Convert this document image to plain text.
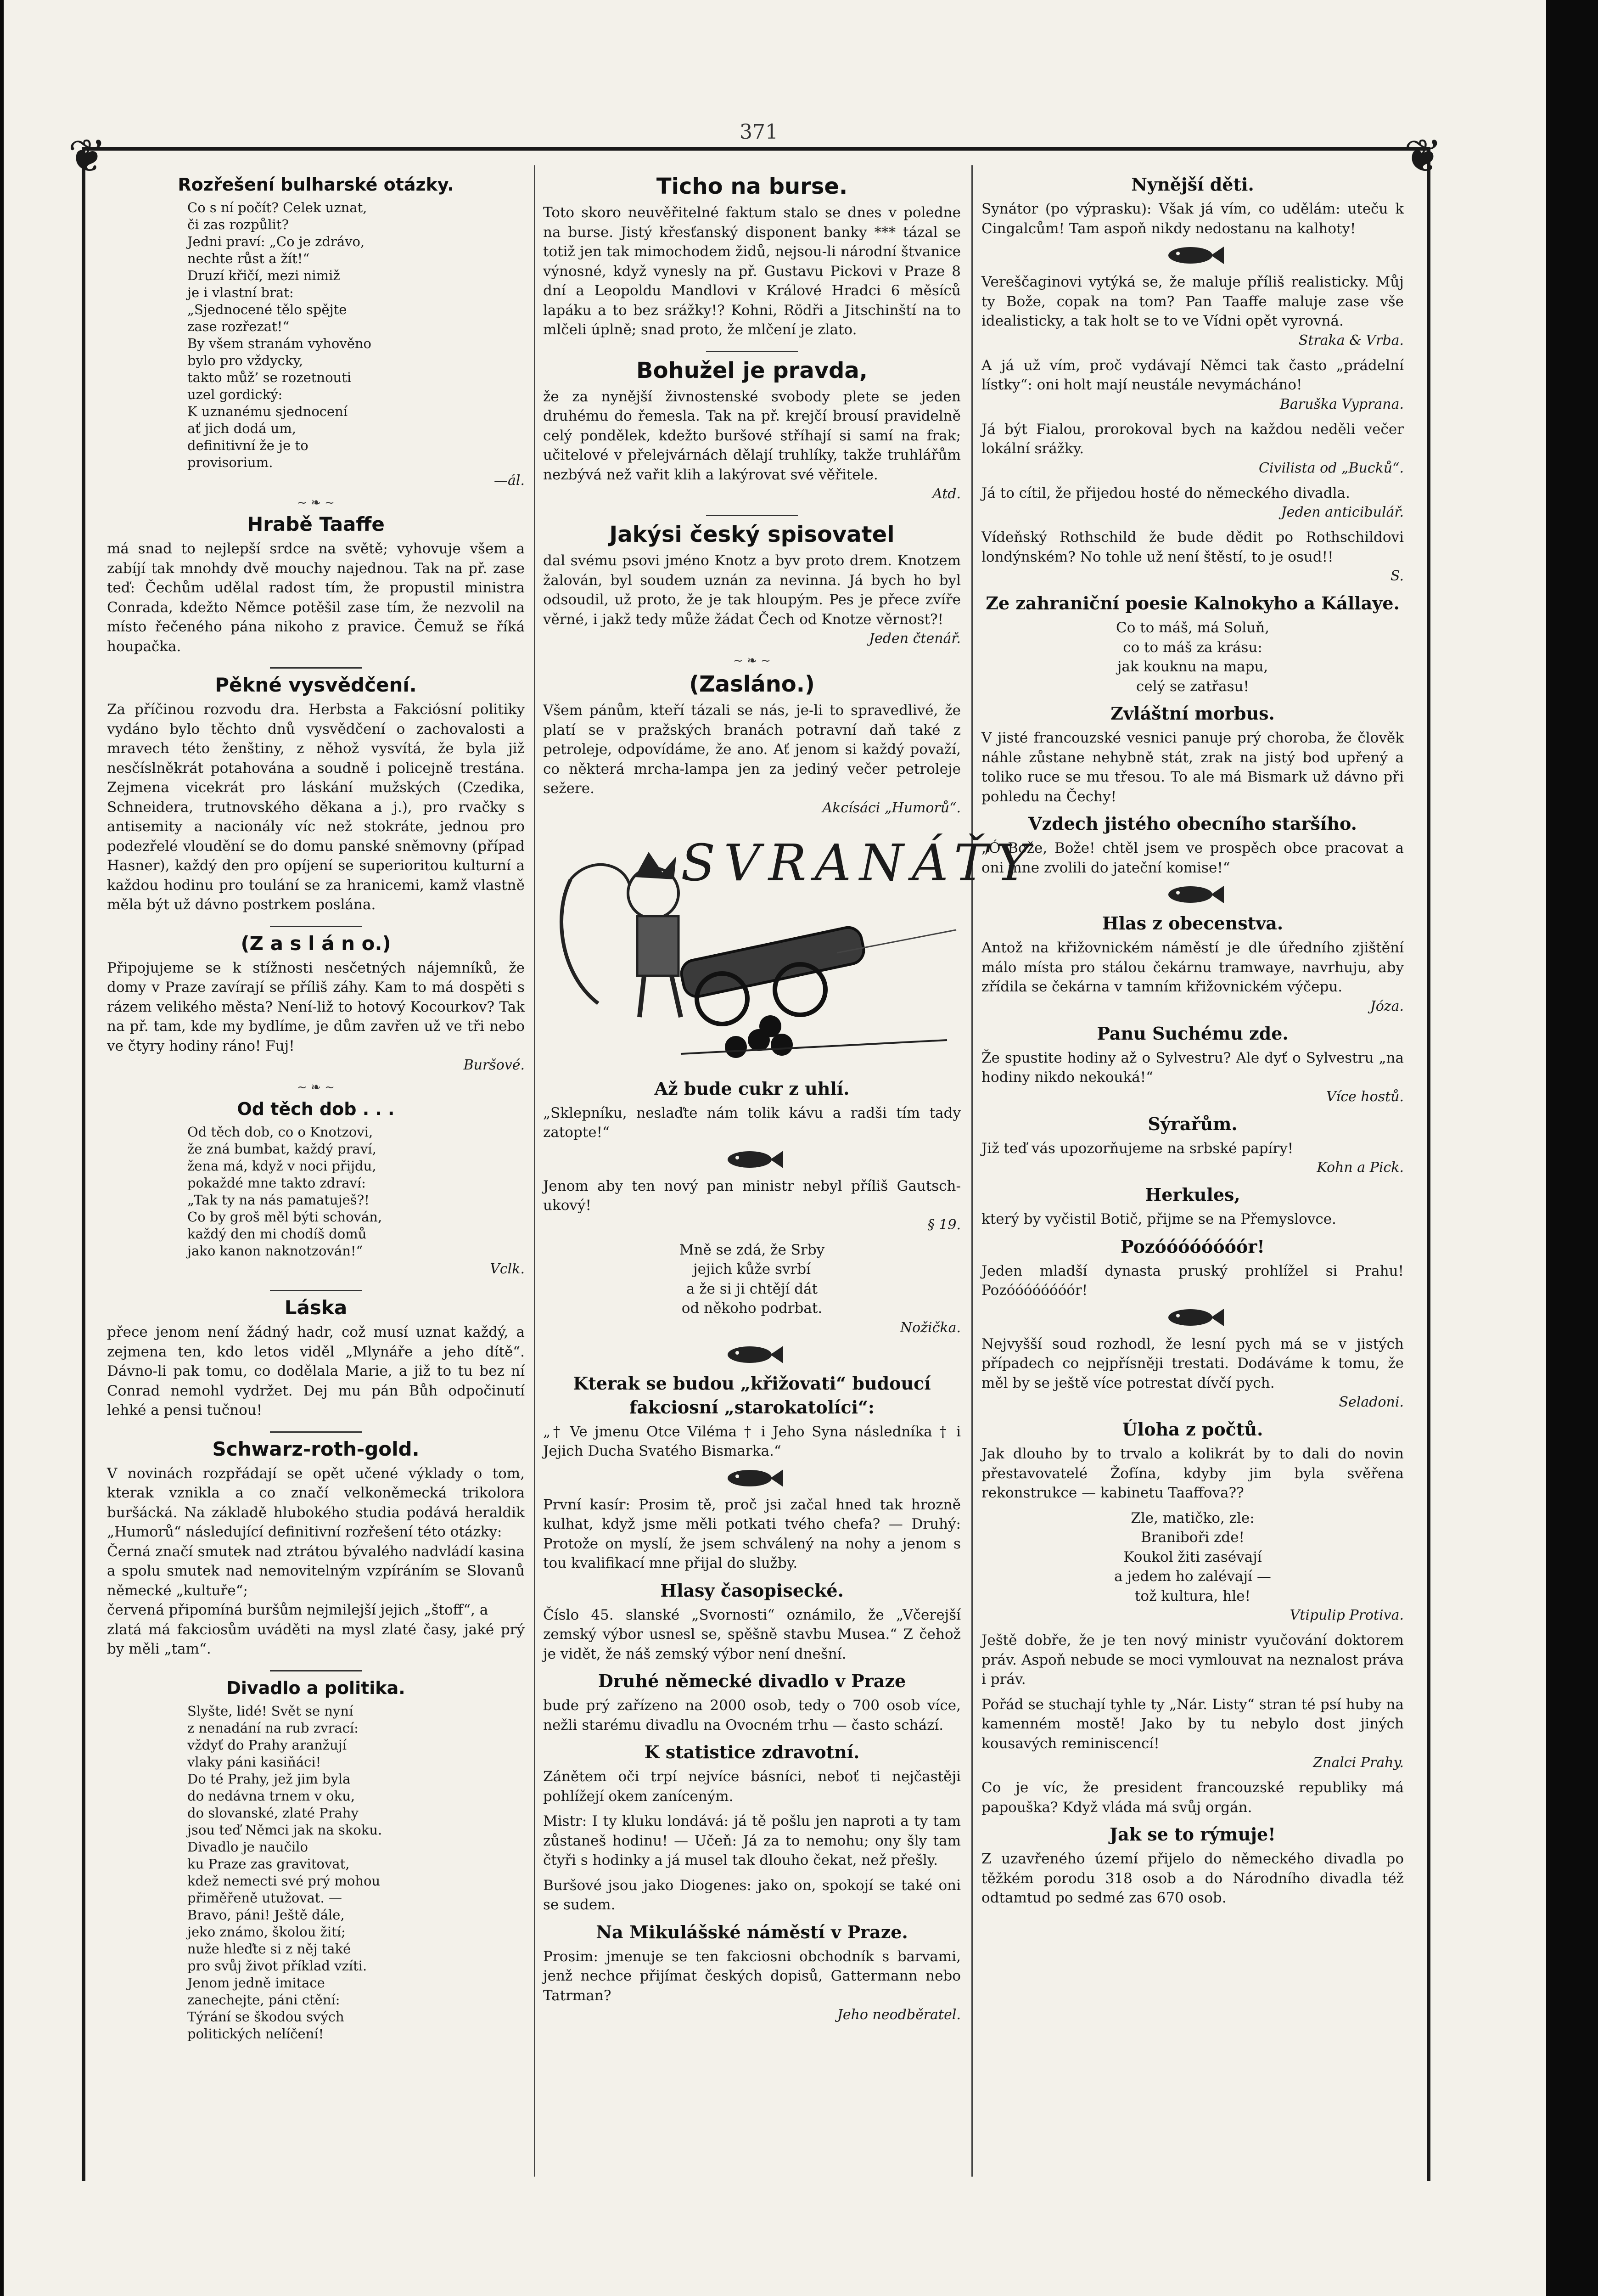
371
❦	❦
Rozřešení bulharské otázky.

Co s ní počít? Celek uznat,
či zas rozpůlit?
Jedni praví: „Co je zdrávo,
nechte růst a žít!“
Druzí křičí, mezi nimiž
je i vlastní brat:
„Sjednocené tělo spějte
zase rozřezat!“
By všem stranám vyhověno
bylo pro vždycky,
takto můž’ se rozetnouti
uzel gordický:
K uznanému sjednocení
ať jich dodá um,
definitivní že je to
provisorium.

—ál.

~ ❧ ~
Hrabě Taaffe

má snad to nejlepší srdce na světě; vyhovuje všem a zabíjí tak mnohdy dvě mouchy najednou. Tak na př. zase teď: Čechům udělal radost tím, že propustil ministra Conrada, kdežto Němce potěšil zase tím, že nezvolil na místo řečeného pána nikoho z pravice. Čemuž se říká houpačka.

Pěkné vysvědčení.

Za příčinou rozvodu dra. Herbsta a Fakciósní politiky vydáno bylo těchto dnů vysvědčení o zachovalosti a mravech této ženštiny, z něhož vysvítá, že byla již nesčíslněkrát potahována a soudně i policejně trestána. Zejmena vicekrát pro láskání mužských (Czedika, Schneidera, trutnovského děkana a j.), pro rvačky s antisemity a nacionály víc než stokráte, jednou pro podezřelé vloudění se do domu panské sněmovny (případ Hasner), každý den pro opíjení se superioritou kulturní a každou hodinu pro toulání se za hranicemi, kamž vlastně měla být už dávno postrkem poslána.

(Z a s l á n o.)

Připojujeme se k stížnosti nesčetných nájemníků, že domy v Praze zavírají se příliš záhy. Kam to má dospěti s rázem velikého města? Není-liž to hotový Kocourkov? Tak na př. tam, kde my bydlíme, je dům zavřen už ve tři nebo ve čtyry hodiny ráno! Fuj!

Buršové.

~ ❧ ~
Od těch dob . . .

Od těch dob, co o Knotzovi,
že zná bumbat, každý praví,
žena má, když v noci přijdu,
pokaždé mne takto zdraví:
„Tak ty na nás pamatuješ?!
Co by groš měl býti schován,
každý den mi chodíš domů
jako kanon naknotzován!“

Vclk.

Láska

přece jenom není žádný hadr, což musí uznat každý, a zejmena ten, kdo letos viděl „Mlynáře a jeho dítě“. Dávno-li pak tomu, co dodělala Marie, a již to tu bez ní Conrad nemohl vydržet. Dej mu pán Bůh odpočinutí lehké a pensi tučnou!

Schwarz-roth-gold.

V novinách rozpřádají se opět učené výklady o tom, kterak vznikla a co značí velkoněmecká trikolora buršácká. Na základě hlubokého studia podává heraldik „Humorů“ následující definitivní rozřešení této otázky:
Černá značí smutek nad ztrátou bývalého nadvládí kasina a spolu smutek nad nemovitelným vzpíráním se Slovanů německé „kultuře“;
červená připomíná buršům nejmilejší jejich „štoff“, a
zlatá má fakciosům uváděti na mysl zlaté časy, jaké prý by měli „tam“.

Divadlo a politika.

Slyšte, lidé! Svět se nyní
z nenadání na rub zvrací:
vždyť do Prahy aranžují
vlaky páni kasiňáci!
Do té Prahy, jež jim byla
do nedávna trnem v oku,
do slovanské, zlaté Prahy
jsou teď Němci jak na skoku.
Divadlo je naučilo
ku Praze zas gravitovat,
kdež nemecti své prý mohou
přiměřeně utužovat. —
Bravo, páni! Ještě dále,
jeko známo, školou žití;
nuže hleďte si z něj také
pro svůj život příklad vzíti.
Jenom jedně imitace
zanechejte, páni ctění:
Týrání se škodou svých
politických nelíčení!

Ticho na burse.

Toto skoro neuvěřitelné faktum stalo se dnes v poledne na burse. Jistý křesťanský disponent banky *** tázal se totiž jen tak mimochodem židů, nejsou-li národní štvanice výnosné, když vynesly na př. Gustavu Pickovi v Praze 8 dní a Leopoldu Mandlovi v Králové Hradci 6 měsíců lapáku a to bez srážky!? Kohni, Rödři a Jitschinští na to mlčeli úplně; snad proto, že mlčení je zlato.

Bohužel je pravda,

že za nynější živnostenské svobody plete se jeden druhému do řemesla. Tak na př. krejčí brousí pravidelně celý pondělek, kdežto buršové stříhají si samí na frak; učitelové v přelejvárnách dělají truhlíky, takže truhlářům nezbývá než vařit klih a lakýrovat své věřitele.

Atd.

Jakýsi český spisovatel

dal svému psovi jméno Knotz a byv proto drem. Knotzem žalován, byl soudem uznán za nevinna. Já bych ho byl odsoudil, už proto, že je tak hloupým. Pes je přece zvíře věrné, i jakž tedy může žádat Čech od Knotze věrnost?!

Jeden čtenář.

~ ❧ ~
(Zasláno.)

Všem pánům, kteří tázali se nás, je-li to spravedlivé, že platí se v pražských branách potravní daň také z petroleje, odpovídáme, že ano. Ať jenom si každý považí, co některá mrcha-lampa jen za jediný večer petroleje sežere.

Akcísáci „Humorů“.

SVRANÁŤY
Až bude cukr z uhlí.

„Sklepníku, neslaďte nám tolik kávu a radši tím tady zatopte!“

Jenom aby ten nový pan ministr nebyl příliš Gautsch-ukový!

§ 19.

Mně se zdá, že Srby
jejich kůže svrbí
a že si ji chtějí dát
od někoho podrbat.

Nožička.

Kterak se budou „křižovati“ budoucí fakciosní „starokatolíci“:

„† Ve jmenu Otce Viléma † i Jeho Syna následníka † i Jejich Ducha Svatého Bismarka.“

První kasír: Prosim tě, proč jsi začal hned tak hrozně kulhat, když jsme měli potkati tvého chefa? — Druhý: Protože on myslí, že jsem schválený na nohy a jenom s tou kvalifikací mne přijal do služby.

Hlasy časopisecké.

Číslo 45. slanské „Svornosti“ oznámilo, že „Včerejší zemský výbor usnesl se, spěšně stavbu Musea.“ Z čehož je vidět, že náš zemský výbor není dnešní.

Druhé německé divadlo v Praze

bude prý zařízeno na 2000 osob, tedy o 700 osob více, nežli starému divadlu na Ovocném trhu — často schází.

K statistice zdravotní.

Zánětem oči trpí nejvíce básníci, neboť ti nejčastěji pohlížejí okem zaníceným.

Mistr: I ty kluku londává: já tě pošlu jen naproti a ty tam zůstaneš hodinu! — Učeň: Já za to nemohu; ony šly tam čtyři s hodinky a já musel tak dlouho čekat, než přešly.

Buršové jsou jako Diogenes: jako on, spokojí se také oni se sudem.

Na Mikulášské náměstí v Praze.

Prosim: jmenuje se ten fakciosni obchodník s barvami, jenž nechce přijímat českých dopisů, Gattermann nebo Tatrman?

Jeho neodběratel.

Nynější děti.

Synátor (po výprasku): Však já vím, co udělám: uteču k Cingalcům! Tam aspoň nikdy nedostanu na kalhoty!

Vereščaginovi vytýká se, že maluje příliš realisticky. Můj ty Bože, copak na tom? Pan Taaffe maluje zase vše idealisticky, a tak holt se to ve Vídni opět vyrovná.

Straka & Vrba.

A já už vím, proč vydávají Němci tak často „prádelní lístky“: oni holt mají neustále nevymácháno!

Baruška Vyprana.

Já být Fialou, prorokoval bych na každou neděli večer lokální srážky.

Civilista od „Bucků“.

Já to cítil, že přijedou hosté do německého divadla.

Jeden anticibulář.

Vídeňský Rothschild že bude dědit po Rothschildovi londýnském? No tohle už není štěstí, to je osud!!

S.

Ze zahraniční poesie Kalnokyho a Kállaye.

Co to máš, má Soluň,
co to máš za krásu:
jak kouknu na mapu,
celý se zatřasu!

Zvláštní morbus.

V jisté francouzské vesnici panuje prý choroba, že člověk náhle zůstane nehybně stát, zrak na jistý bod upřený a toliko ruce se mu třesou. To ale má Bismark už dávno při pohledu na Čechy!

Vzdech jistého obecního staršího.

„Ó Bože, Bože! chtěl jsem ve prospěch obce pracovat a oni mne zvolili do jateční komise!“

Hlas z obecenstva.

Antož na křižovnickém náměstí je dle úředního zjištění málo místa pro stálou čekárnu tramwaye, navrhuju, aby zřídila se čekárna v tamním křižovnickém výčepu.

Józa.

Panu Suchému zde.

Že spustite hodiny až o Sylvestru? Ale dyť o Sylvestru „na hodiny nikdo nekouká!“

Více hostů.

Sýrařům.

Již teď vás upozorňujeme na srbské papíry!

Kohn a Pick.

Herkules,

který by vyčistil Botič, přijme se na Přemyslovce.

Pozóóóóóóóór!

Jeden mladší dynasta pruský prohlížel si Prahu! Pozóóóóóóóór!

Nejvyšší soud rozhodl, že lesní pych má se v jistých případech co nejpřísněji trestati. Dodáváme k tomu, že měl by se ještě více potrestat dívčí pych.

Seladoni.

Úloha z počtů.

Jak dlouho by to trvalo a kolikrát by to dali do novin přestavovatelé Žofína, kdyby jim byla svěřena rekonstrukce — kabinetu Taaffova??

Zle, matičko, zle:
Braniboři zde!
Koukol žiti zasévají
a jedem ho zalévají —
tož kultura, hle!

Vtipulip Protiva.

Ještě dobře, že je ten nový ministr vyučování doktorem práv. Aspoň nebude se moci vymlouvat na neznalost práva i práv.

Pořád se stuchají tyhle ty „Nár. Listy“ stran té psí huby na kamenném mostě! Jako by tu nebylo dost jiných kousavých reminiscencí!

Znalci Prahy.

Co je víc, že president francouzské republiky má papouška? Když vláda má svůj orgán.

Jak se to rýmuje!

Z uzavřeného území přijelo do německého divadla po těžkém porodu 318 osob a do Národního divadla též odtamtud po sedmé zas 670 osob.
